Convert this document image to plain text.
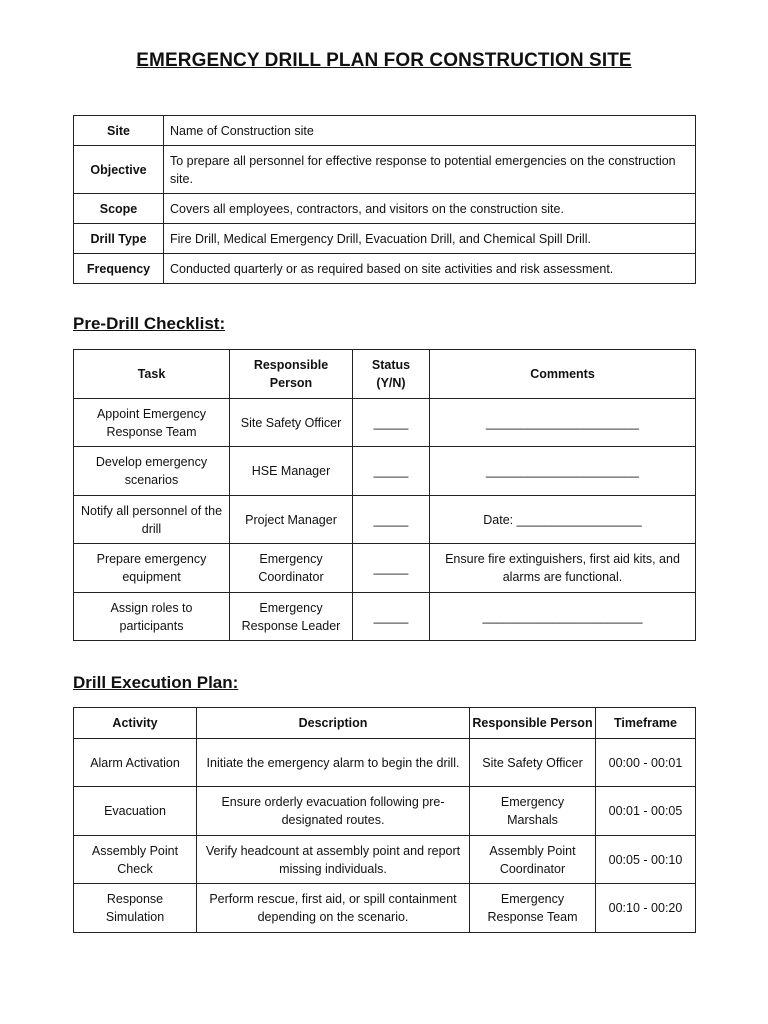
EMERGENCY DRILL PLAN FOR CONSTRUCTION SITE
Site	Name of Construction site
Objective	To prepare all personnel for effective response to potential emergencies on the construction site.
Scope	Covers all employees, contractors, and visitors on the construction site.
Drill Type	Fire Drill, Medical Emergency Drill, Evacuation Drill, and Chemical Spill Drill.
Frequency	Conducted quarterly or as required based on site activities and risk assessment.
Pre-Drill Checklist:
Task	Responsible Person	Status (Y/N)	Comments
Appoint Emergency Response Team	Site Safety Officer	_____	______________________
Develop emergency scenarios	HSE Manager	_____	______________________
Notify all personnel of the drill	Project Manager	_____	Date: __________________
Prepare emergency equipment	Emergency Coordinator	_____	Ensure fire extinguishers, first aid kits, and alarms are functional.
Assign roles to participants	Emergency Response Leader	_____	_______________________
Drill Execution Plan:
Activity	Description	Responsible Person	Timeframe
Alarm Activation	Initiate the emergency alarm to begin the drill.	Site Safety Officer	00:00 - 00:01
Evacuation	Ensure orderly evacuation following pre-designated routes.	Emergency Marshals	00:01 - 00:05
Assembly Point Check	Verify headcount at assembly point and report missing individuals.	Assembly Point Coordinator	00:05 - 00:10
Response Simulation	Perform rescue, first aid, or spill containment depending on the scenario.	Emergency Response Team	00:10 - 00:20
